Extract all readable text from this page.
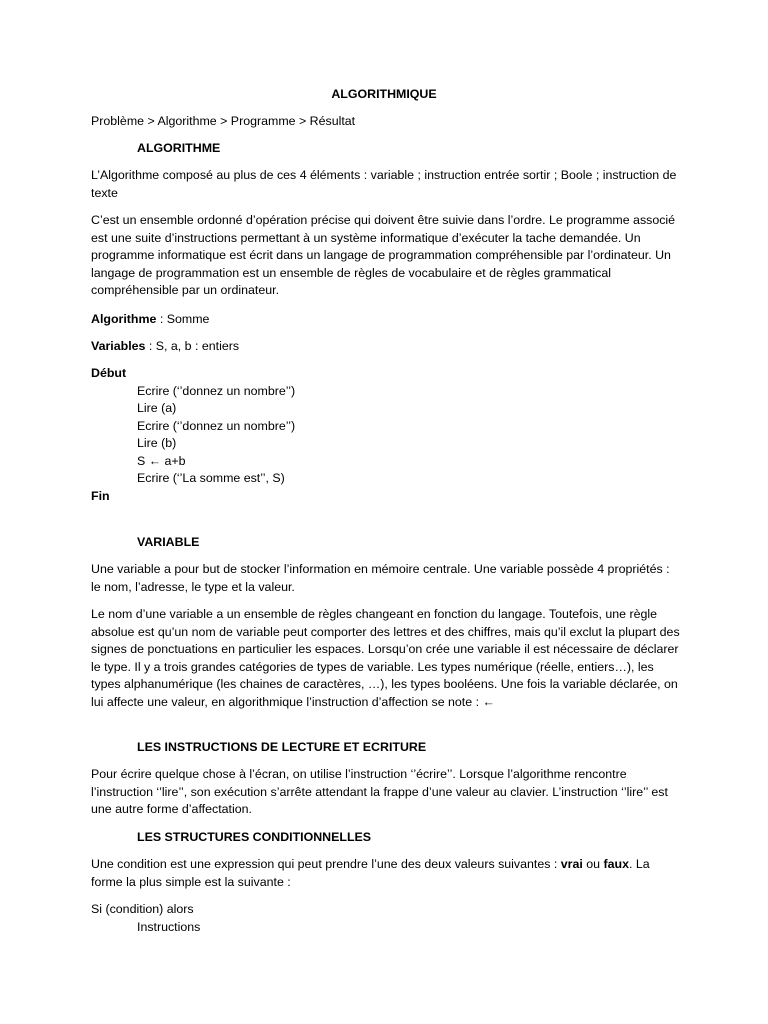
ALGORITHMIQUE
Problème > Algorithme > Programme > Résultat
ALGORITHME
L’Algorithme composé au plus de ces 4 éléments : variable ; instruction entrée sortir ; Boole ; instruction de texte
C’est un ensemble ordonné d’opération précise qui doivent être suivie dans l’ordre. Le programme associé est une suite d’instructions permettant à un système informatique d’exécuter la tache demandée. Un programme informatique est écrit dans un langage de programmation compréhensible par l’ordinateur. Un langage de programmation est un ensemble de règles de vocabulaire et de règles grammatical compréhensible par un ordinateur.
Algorithme : Somme
Variables : S, a, b : entiers
Début
Ecrire (‘’donnez un nombre’’)
Lire (a)
Ecrire (‘’donnez un nombre’’)
Lire (b)
S ← a+b
Ecrire (‘’La somme est’’, S)
Fin
VARIABLE
Une variable a pour but de stocker l’information en mémoire centrale. Une variable possède 4 propriétés : le nom, l’adresse, le type et la valeur.
Le nom d’une variable a un ensemble de règles changeant en fonction du langage. Toutefois, une règle absolue est qu’un nom de variable peut comporter des lettres et des chiffres, mais qu’il exclut la plupart des signes de ponctuations en particulier les espaces. Lorsqu’on crée une variable il est nécessaire de déclarer le type. Il y a trois grandes catégories de types de variable. Les types numérique (réelle, entiers…), les types alphanumérique (les chaines de caractères, …), les types booléens. Une fois la variable déclarée, on lui affecte une valeur, en algorithmique l’instruction d’affection se note : ←
LES INSTRUCTIONS DE LECTURE ET ECRITURE
Pour écrire quelque chose à l’écran, on utilise l’instruction ‘’écrire’’. Lorsque l’algorithme rencontre l’instruction ‘’lire’’, son exécution s’arrête attendant la frappe d’une valeur au clavier. L’instruction ‘’lire’’ est une autre forme d’affectation.
LES STRUCTURES CONDITIONNELLES
Une condition est une expression qui peut prendre l’une des deux valeurs suivantes : vrai ou faux. La forme la plus simple est la suivante :
Si (condition) alors
Instructions
